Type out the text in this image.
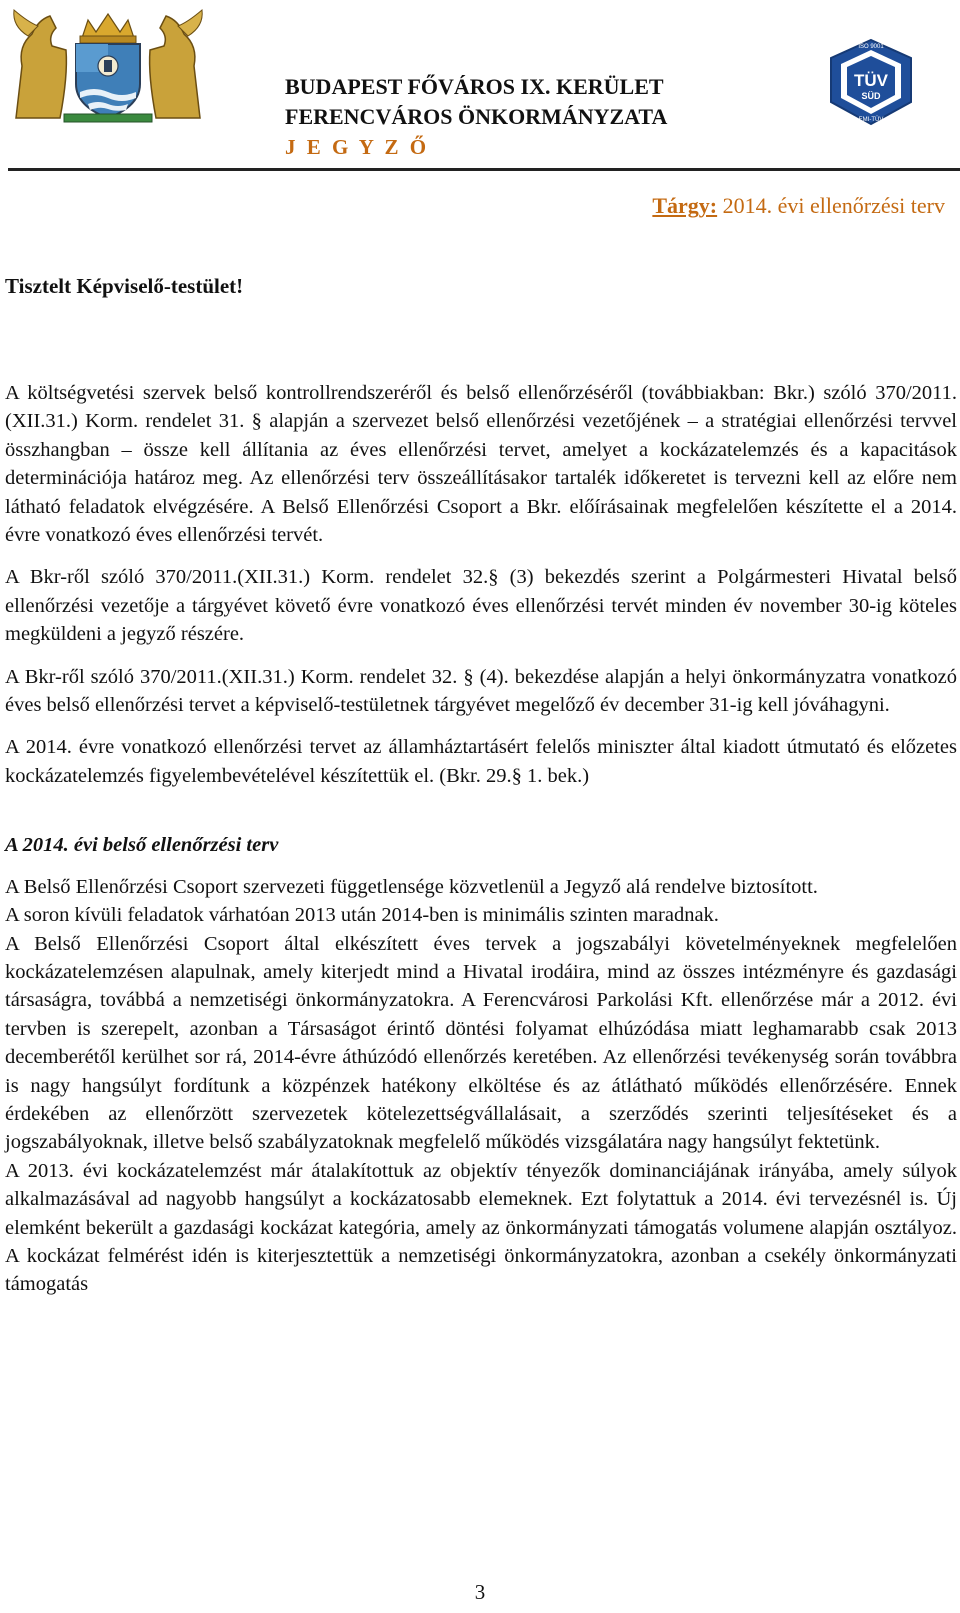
BUDAPEST FŐVÁROS IX. KERÜLET
FERENCVÁROS ÖNKORMÁNYZATA
J E G Y Z Ő
TÜV
SÜD
ISO 9001
EMI-TÜV
Tárgy: 2014. évi ellenőrzési terv
Tisztelt Képviselő-testület!

A költségvetési szervek belső kontrollrendszeréről és belső ellenőrzéséről (továbbiakban: Bkr.) szóló 370/2011.(XII.31.) Korm. rendelet 31. § alapján a szervezet belső ellenőrzési vezetőjének – a stratégiai ellenőrzési tervvel összhangban – össze kell állítania az éves ellenőrzési tervet, amelyet a kockázatelemzés és a kapacitások determinációja határoz meg. Az ellenőrzési terv összeállításakor tartalék időkeretet is tervezni kell az előre nem látható feladatok elvégzésére. A Belső Ellenőrzési Csoport a Bkr. előírásainak megfelelően készítette el a 2014. évre vonatkozó éves ellenőrzési tervét.

A Bkr-ről szóló 370/2011.(XII.31.) Korm. rendelet 32.§ (3) bekezdés szerint a Polgármesteri Hivatal belső ellenőrzési vezetője a tárgyévet követő évre vonatkozó éves ellenőrzési tervét minden év november 30-ig köteles megküldeni a jegyző részére.

A Bkr-ről szóló 370/2011.(XII.31.) Korm. rendelet 32. § (4). bekezdése alapján a helyi önkormányzatra vonatkozó éves belső ellenőrzési tervet a képviselő-testületnek tárgyévet megelőző év december 31-ig kell jóváhagyni.

A 2014. évre vonatkozó ellenőrzési tervet az államháztartásért felelős miniszter által kiadott útmutató és előzetes kockázatelemzés figyelembevételével készítettük el. (Bkr. 29.§ 1. bek.)

A 2014. évi belső ellenőrzési terv

A Belső Ellenőrzési Csoport szervezeti függetlensége közvetlenül a Jegyző alá rendelve biztosított.

A soron kívüli feladatok várhatóan 2013 után 2014-ben is minimális szinten maradnak.

A Belső Ellenőrzési Csoport által elkészített éves tervek a jogszabályi követelményeknek megfelelően kockázatelemzésen alapulnak, amely kiterjedt mind a Hivatal irodáira, mind az összes intézményre és gazdasági társaságra, továbbá a nemzetiségi önkormányzatokra. A Ferencvárosi Parkolási Kft. ellenőrzése már a 2012. évi tervben is szerepelt, azonban a Társaságot érintő döntési folyamat elhúzódása miatt leghamarabb csak 2013 decemberétől kerülhet sor rá, 2014-évre áthúzódó ellenőrzés keretében. Az ellenőrzési tevékenység során továbbra is nagy hangsúlyt fordítunk a közpénzek hatékony elköltése és az átlátható működés ellenőrzésére. Ennek érdekében az ellenőrzött szervezetek kötelezettségvállalásait, a szerződés szerinti teljesítéseket és a jogszabályoknak, illetve belső szabályzatoknak megfelelő működés vizsgálatára nagy hangsúlyt fektetünk.

A 2013. évi kockázatelemzést már átalakítottuk az objektív tényezők dominanciájának irányába, amely súlyok alkalmazásával ad nagyobb hangsúlyt a kockázatosabb elemeknek. Ezt folytattuk a 2014. évi tervezésnél is. Új elemként bekerült a gazdasági kockázat kategória, amely az önkormányzati támogatás volumene alapján osztályoz. A kockázat felmérést idén is kiterjesztettük a nemzetiségi önkormányzatokra, azonban a csekély önkormányzati támogatás

3
